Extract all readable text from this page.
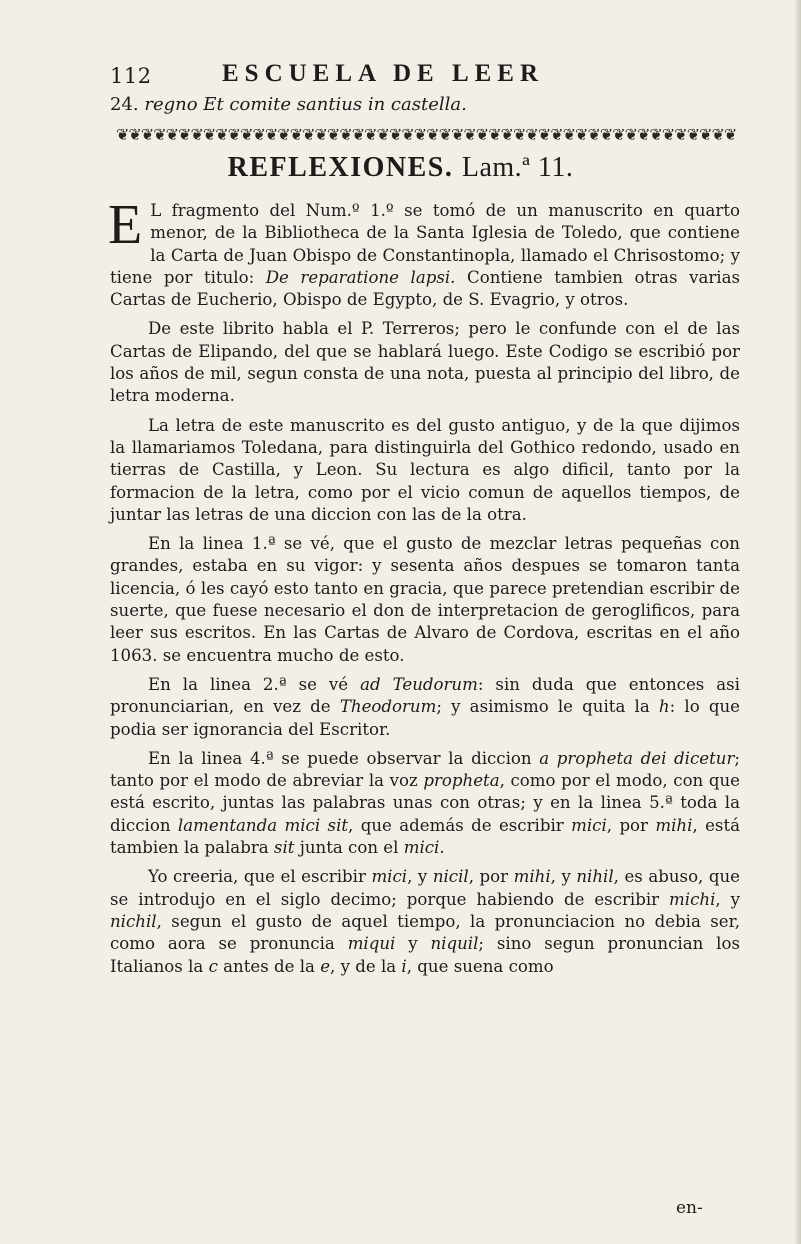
112	ESCUELA DE LEER
24. regno Et comite santius in castella.
❦❦❦❦❦❦❦❦❦❦❦❦❦❦❦❦❦❦❦❦❦❦❦❦❦❦❦❦❦❦❦❦❦❦❦❦❦❦❦❦❦❦❦❦❦❦❦❦❦❦
REFLEXIONES. Lam.ª 11.

E L fragmento del Num.º 1.º se tomó de un manuscrito en quarto menor, de la Bibliotheca de la Santa Iglesia de Toledo, que contiene la Carta de Juan Obispo de Constantinopla, llamado el Chrisostomo; y tiene por titulo: De reparatione lapsi. Contiene tambien otras varias Cartas de Eucherio, Obispo de Egypto, de S. Evagrio, y otros.

De este librito habla el P. Terreros; pero le confunde con el de las Cartas de Elipando, del que se hablará luego. Este Codigo se escribió por los años de mil, segun consta de una nota, puesta al principio del libro, de letra moderna.

La letra de este manuscrito es del gusto antiguo, y de la que dijimos la llamariamos Toledana, para distinguirla del Gothico redondo, usado en tierras de Castilla, y Leon. Su lectura es algo dificil, tanto por la formacion de la letra, como por el vicio comun de aquellos tiempos, de juntar las letras de una diccion con las de la otra.

En la linea 1.ª se vé, que el gusto de mezclar letras pequeñas con grandes, estaba en su vigor: y sesenta años despues se tomaron tanta licencia, ó les cayó esto tanto en gracia, que parece pretendian escribir de suerte, que fuese necesario el don de interpretacion de geroglificos, para leer sus escritos. En las Cartas de Alvaro de Cordova, escritas en el año 1063. se encuentra mucho de esto.

En la linea 2.ª se vé ad Teudorum: sin duda que entonces asi pronunciarian, en vez de Theodorum; y asimismo le quita la h: lo que podia ser ignorancia del Escritor.

En la linea 4.ª se puede observar la diccion a propheta dei dicetur; tanto por el modo de abreviar la voz propheta, como por el modo, con que está escrito, juntas las palabras unas con otras; y en la linea 5.ª toda la diccion lamentanda mici sit, que además de escribir mici, por mihi, está tambien la palabra sit junta con el mici.

Yo creeria, que el escribir mici, y nicil, por mihi, y nihil, es abuso, que se introdujo en el siglo decimo; porque habiendo de escribir michi, y nichil, segun el gusto de aquel tiempo, la pronunciacion no debia ser, como aora se pronuncia miqui y niquil; sino segun pronuncian los Italianos la c antes de la e, y de la i, que suena como

en-
